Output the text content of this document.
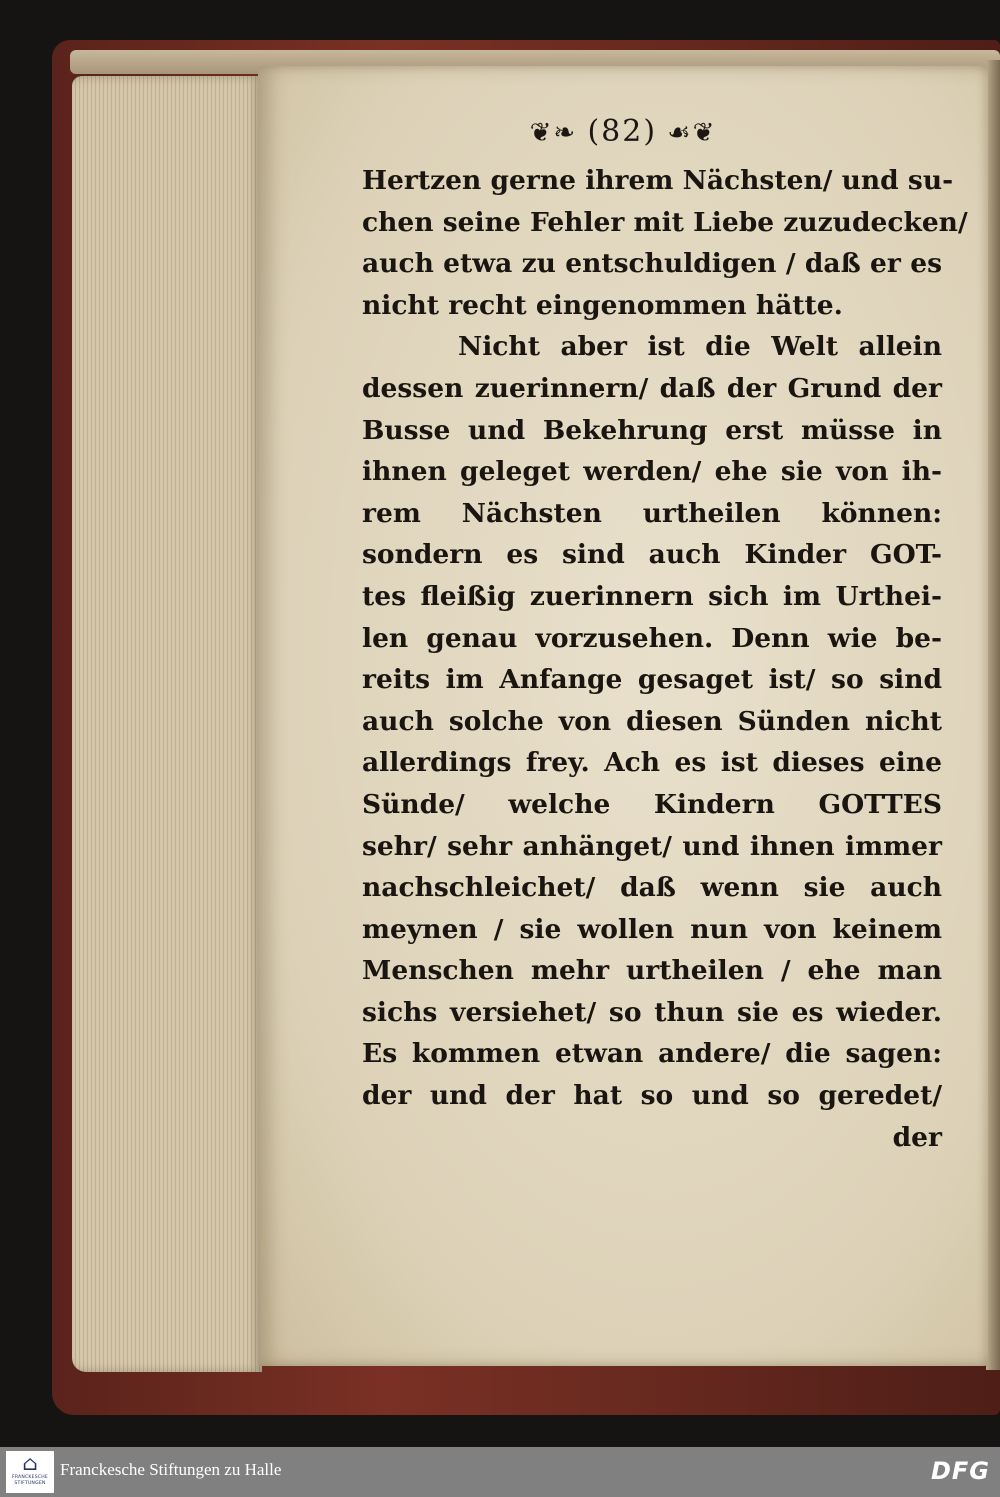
❦❧ (82) ☙❦
Hertzen gerne ihrem Nächsten/ und su-
chen seine Fehler mit Liebe zuzudecken/
auch etwa zu entschuldigen / daß er es
nicht recht eingenommen hätte.
Nicht aber ist die Welt allein
dessen zuerinnern/ daß der Grund der
Busse und Bekehrung erst müsse in
ihnen geleget werden/ ehe sie von ih-
rem Nächsten urtheilen können:
sondern es sind auch Kinder GOT-
tes fleißig zuerinnern sich im Urthei-
len genau vorzusehen. Denn wie be-
reits im Anfange gesaget ist/ so sind
auch solche von diesen Sünden nicht
allerdings frey. Ach es ist dieses eine
Sünde/ welche Kindern GOTTES
sehr/ sehr anhänget/ und ihnen immer
nachschleichet/ daß wenn sie auch
meynen / sie wollen nun von keinem
Menschen mehr urtheilen / ehe man
sichs versiehet/ so thun sie es wieder.
Es kommen etwan andere/ die sagen:
der und der hat so und so geredet/
der
⌂
FRANCKESCHE STIFTUNGEN
Franckesche Stiftungen zu Halle	DFG
